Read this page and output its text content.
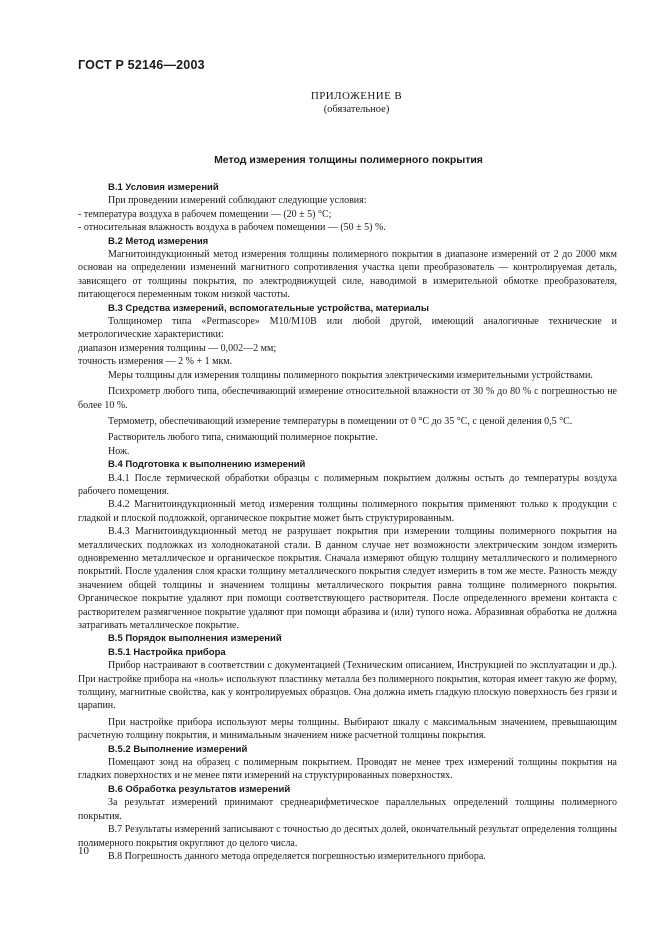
ГОСТ Р 52146—2003
ПРИЛОЖЕНИЕ В
(обязательное)
Метод измерения толщины полимерного покрытия

В.1 Условия измерений

При проведении измерений соблюдают следующие условия:

- температура воздуха в рабочем помещении — (20 ± 5) °С;

- относительная влажность воздуха в рабочем помещении — (50 ± 5) %.

В.2 Метод измерения

Магнитоиндукционный метод измерения толщины полимерного покрытия в диапазоне измерений от 2 до 2000 мкм основан на определении изменений магнитного сопротивления участка цепи преобразователь — контролируемая деталь, зависящего от толщины покрытия, по электродвижущей силе, наводимой в измерительной обмотке преобразователя, питающегося переменным током низкой частоты.

В.3 Средства измерений, вспомогательные устройства, материалы

Толщиномер типа «Permascope» М10/М10В или любой другой, имеющий аналогичные технические и метрологические характеристики:

диапазон измерения толщины — 0,002—2 мм;

точность измерения — 2 % + 1 мкм.

Меры толщины для измерения толщины полимерного покрытия электрическими измерительными устройствами.

Психрометр любого типа, обеспечивающий измерение относительной влажности от 30 % до 80 % с погрешностью не более 10 %.

Термометр, обеспечивающий измерение температуры в помещении от 0 °С до 35 °С, с ценой деления 0,5 °С.

Растворитель любого типа, снимающий полимерное покрытие.

Нож.

В.4 Подготовка к выполнению измерений

В.4.1 После термической обработки образцы с полимерным покрытием должны остыть до температуры воздуха рабочего помещения.

В.4.2 Магнитоиндукционный метод измерения толщины полимерного покрытия применяют только к продукции с гладкой и плоской подложкой, органическое покрытие может быть структурированным.

В.4.3 Магнитоиндукционный метод не разрушает покрытия при измерении толщины полимерного покрытия на металлических подложках из холоднокатаной стали. В данном случае нет возможности электрическим зондом измерить одновременно металлическое и органическое покрытия. Сначала измеряют общую толщину металлического и полимерного покрытий. После удаления слоя краски толщину металлического покрытия следует измерить в том же месте. Разность между значением общей толщины и значением толщины металлического покрытия равна толщине полимерного покрытия. Органическое покрытие удаляют при помощи соответствующего растворителя. После определенного времени контакта с растворителем размягченное покрытие удаляют при помощи абразива и (или) тупого ножа. Абразивная обработка не должна затрагивать металлическое покрытие.

В.5 Порядок выполнения измерений

В.5.1 Настройка прибора

Прибор настраивают в соответствии с документацией (Техническим описанием, Инструкцией по эксплуатации и др.). При настройке прибора на «ноль» используют пластинку металла без полимерного покрытия, которая имеет такую же форму, толщину, магнитные свойства, как у контролируемых образцов. Она должна иметь гладкую плоскую поверхность без грязи и царапин.

При настройке прибора используют меры толщины. Выбирают шкалу с максимальным значением, превышающим расчетную толщину покрытия, и минимальным значением ниже расчетной толщины покрытия.

В.5.2 Выполнение измерений

Помещают зонд на образец с полимерным покрытием. Проводят не менее трех измерений толщины покрытия на гладких поверхностях и не менее пяти измерений на структурированных поверхностях.

В.6 Обработка результатов измерений

За результат измерений принимают среднеарифметическое параллельных определений толщины полимерного покрытия.

В.7 Результаты измерений записывают с точностью до десятых долей, окончательный результат определения толщины полимерного покрытия округляют до целого числа.

В.8 Погрешность данного метода определяется погрешностью измерительного прибора.

10
